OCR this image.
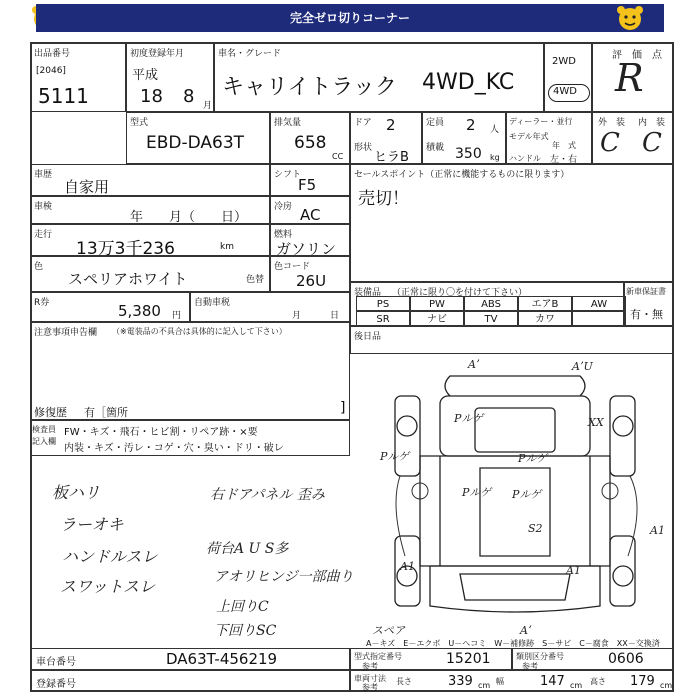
完全ゼロ切りコーナー
出品番号
[2046]
5111
初度登録年月
平成
18 8 月
車名・グレード
キャリイトラック 4WD_KC
2WD
4WD
評　価　点
R
型式
EBD-DA63T
排気量
658
CC
ドア 2
形状
ヒラB
定員 2 人
積載 350 kg
ディーラー・並行
モデル年式
年　式
ハンドル 左・右
外　装 内　装
C C
車歴
自家用
シフト
F5
セールスポイント（正常に機能するものに限ります）
売切！
車検
年　　月（　　日）
冷房 AC
走行
13万3千236	km
燃料
ガソリン
色
スペリアホワイト	色替
色コード
26U
装備品 （正常に限り〇を付けて下さい）
PS	PW	ABS	エアB	AW
SR	ナビ	TV	カワ
新車保証書
有・無
R券	5,380 円
自動車税
月	日
後日品
注意事項申告欄 （※電装品の不具合は具体的に記入して下さい）
修復歴 有［箇所	]
検査員
記入欄
FW・キズ・飛石・ヒビ割・リペア跡・×要
内装・キズ・汚レ・コゲ・穴・臭い・ドリ・破レ
板ハリ
ラーオキ
ハンドルスレ
スワットスレ
右ドアパネル 歪み
荷台A U S多
アオリヒンジ一部曲り
上回りC
下回りSC
Aʼ	AʼU
Pルゲ	XX
Pルゲ
Pルゲ Pルゲ
Pルゲ
S2
A1
A1
Aʼ
A1
スペア
A－キズ　E－エクボ　U－ヘコミ　W－補修跡　S－サビ　C－腐食　XX－交換済
車台番号	DA63T-456219
登録番号
型式指定番号
参考	15201	類別区分番号
参考	0606
車両寸法
参考
長さ	339 cm 幅	147 cm 高さ 179 cm
